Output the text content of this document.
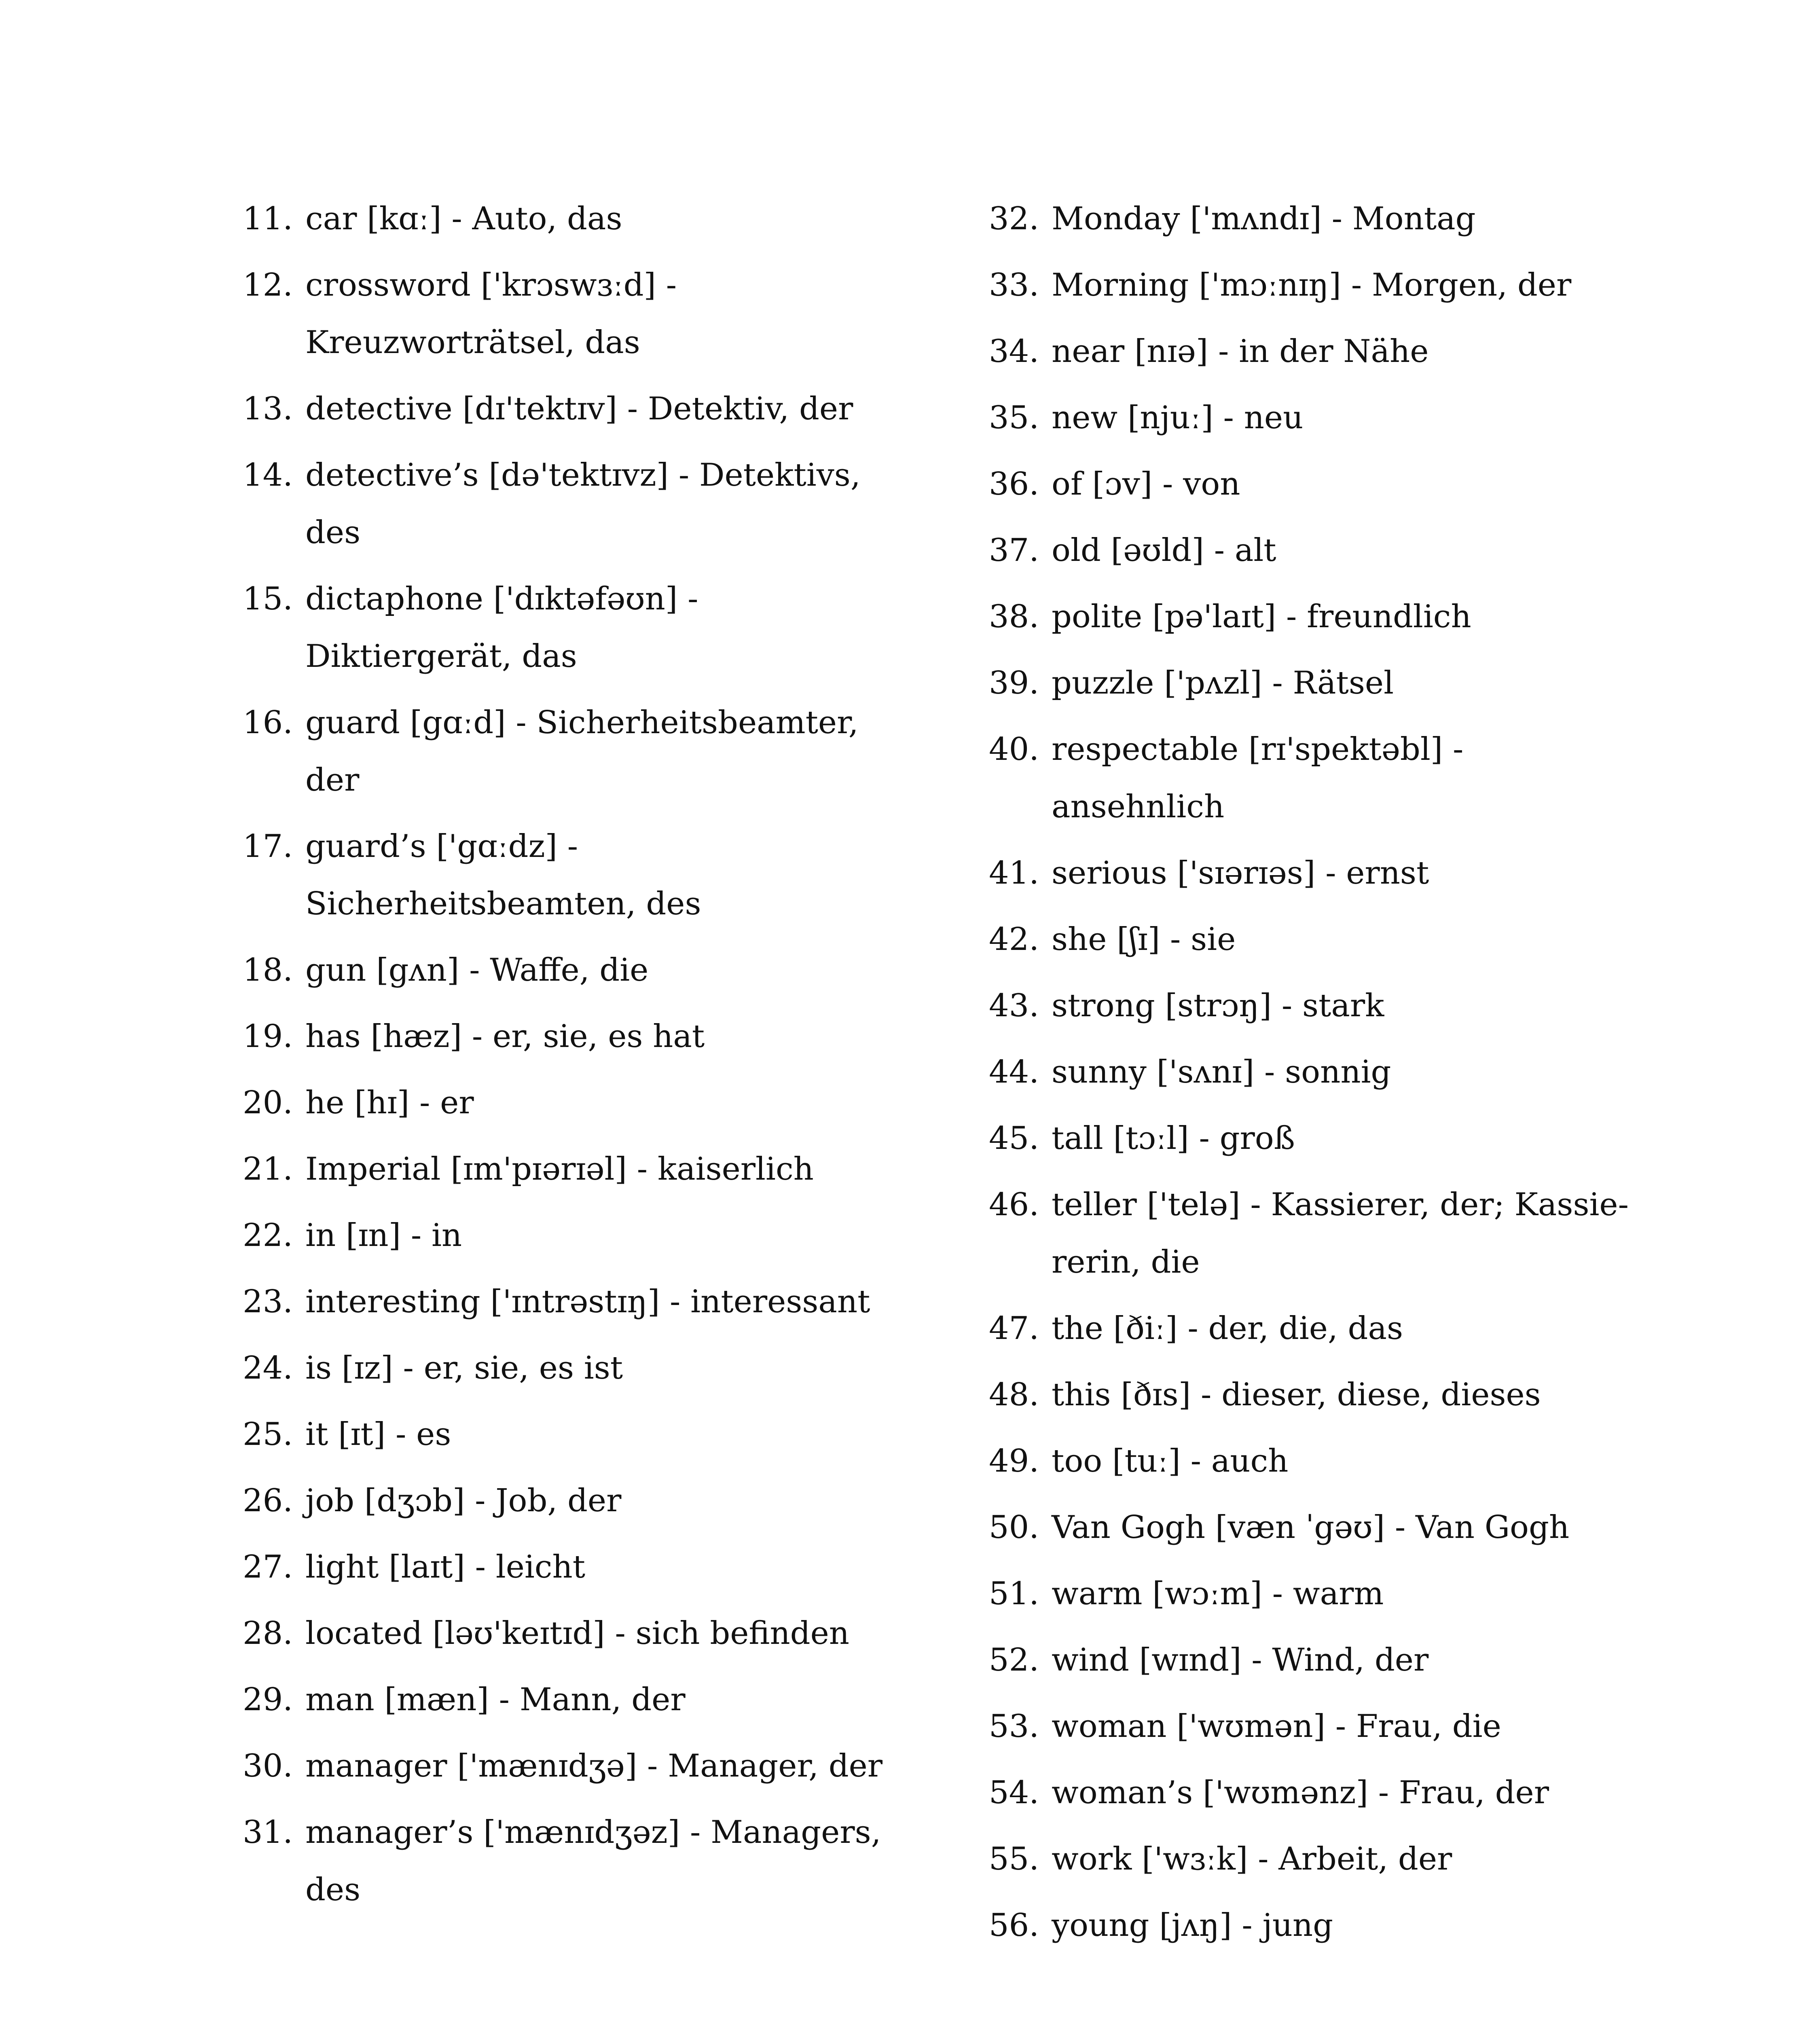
11. car [kɑː] - Auto, das
12. crossword ['krɔswɜːd] - Kreuzworträtsel, das
13. detective [dɪ'tektɪv] - Detektiv, der
14. detective’s [də'tektɪvz] - Detektivs, des
15. dictaphone ['dɪktəfəʊn] - Diktiergerät, das
16. guard [gɑːd] - Sicherheitsbeamter, der
17. guard’s ['gɑːdz] - Sicherheitsbeamten, des
18. gun [gʌn] - Waffe, die
19. has [hæz] - er, sie, es hat
20. he [hɪ] - er
21. Imperial [ɪm'pɪərɪəl] - kaiserlich
22. in [ɪn] - in
23. interesting ['ɪntrəstɪŋ] - interessant
24. is [ɪz] - er, sie, es ist
25. it [ɪt] - es
26. job [dʒɔb] - Job, der
27. light [laɪt] - leicht
28. located [ləʊ'keɪtɪd] - sich befinden
29. man [mæn] - Mann, der
30. manager ['mænɪdʒə] - Manager, der
31. manager’s ['mænɪdʒəz] - Managers, des
32. Monday ['mʌndɪ] - Montag
33. Morning ['mɔːnɪŋ] - Morgen, der
34. near [nɪə] - in der Nähe
35. new [njuː] - neu
36. of [ɔv] - von
37. old [əʊld] - alt
38. polite [pə'laɪt] - freundlich
39. puzzle ['pʌzl] - Rätsel
40. respectable [rɪ'spektəbl] - ansehnlich
41. serious ['sɪərɪəs] - ernst
42. she [ʃɪ] - sie
43. strong [strɔŋ] - stark
44. sunny ['sʌnɪ] - sonnig
45. tall [tɔːl] - groß
46. teller ['telə] - Kassierer, der; Kassie-rerin, die
47. the [ðiː] - der, die, das
48. this [ðɪs] - dieser, diese, dieses
49. too [tuː] - auch
50. Van Gogh [væn ˈgəʊ] - Van Gogh
51. warm [wɔːm] - warm
52. wind [wɪnd] - Wind, der
53. woman ['wʊmən] - Frau, die
54. woman’s ['wʊmənz] - Frau, der
55. work ['wɜːk] - Arbeit, der
56. young [jʌŋ] - jung
